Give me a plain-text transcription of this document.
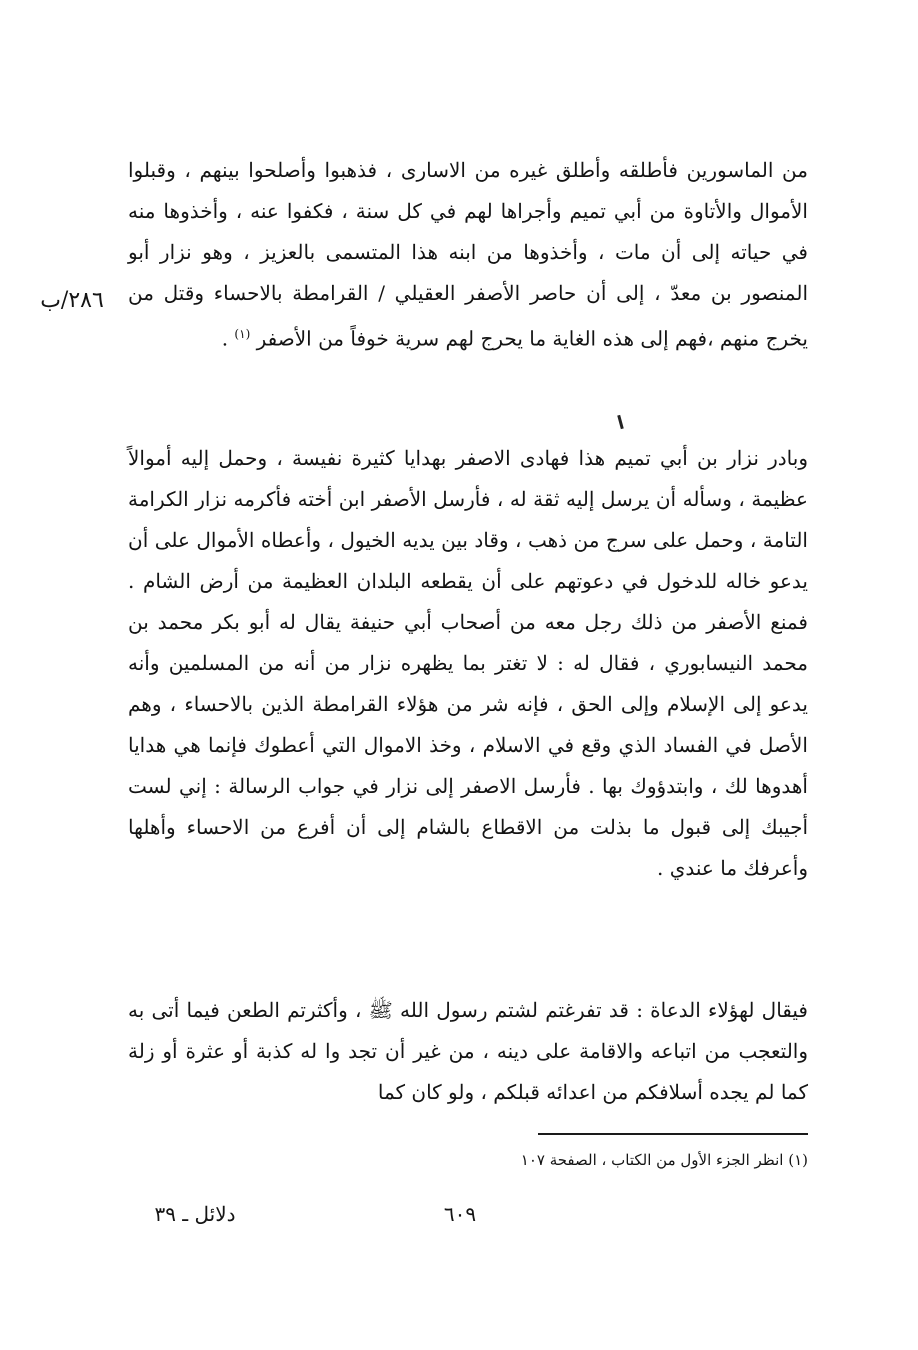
٢٨٦/ب

من الماسورين فأطلقه وأطلق غيره من الاسارى ، فذهبوا وأصلحوا بينهم ، وقبلوا الأموال والأتاوة من أبي تميم وأجراها لهم في كل سنة ، فكفوا عنه ، وأخذوها منه في حياته إلى أن مات ، وأخذوها من ابنه هذا المتسمى بالعزيز ، وهو نزار أبو المنصور بن معدّ ، إلى أن حاصر الأصفر العقيلي / القرامطة بالاحساء وقتل من يخرج منهم ،فهم إلى هذه الغاية ما يحرج لهم سرية خوفاً من الأصفر $^{(١)}$ .

وبادر نزار بن أبي تميم هذا فهادى الاصفر بهدايا كثيرة نفيسة ، وحمل إليه أموالاً عظيمة ، وسأله أن يرسل إليه ثقة له ، فأرسل الأصفر ابن أخته فأكرمه نزار الكرامة التامة ، وحمل على سرج من ذهب ، وقاد بين يديه الخيول ، وأعطاه الأموال على أن يدعو خاله للدخول في دعوتهم على أن يقطعه البلدان العظيمة من أرض الشام . فمنع الأصفر من ذلك رجل معه من أصحاب أبي حنيفة يقال له أبو بكر محمد بن محمد النيسابوري ، فقال له : لا تغتر بما يظهره نزار من أنه من المسلمين وأنه يدعو إلى الإسلام وإلى الحق ، فإنه شر من هؤلاء القرامطة الذين بالاحساء ، وهم الأصل في الفساد الذي وقع في الاسلام ، وخذ الاموال التي أعطوك فإنما هي هدايا أهدوها لك ، وابتدؤوك بها . فأرسل الاصفر إلى نزار في جواب الرسالة : إني لست أجيبك إلى قبول ما بذلت من الاقطاع بالشام إلى أن أفرع من الاحساء وأهلها وأعرفك ما عندي .

فيقال لهؤلاء الدعاة : قد تفرغتم لشتم رسول الله ﷺ ، وأكثرتم الطعن فيما أتى به والتعجب من اتباعه والاقامة على دينه ، من غير أن تجد وا له كذبة أو عثرة أو زلة كما لم يجده أسلافكم من اعدائه قبلكم ، ولو كان كما

(١) انظر الجزء الأول من الكتاب ، الصفحة ١٠٧
دلائل ـ ٣٩	٦٠٩
